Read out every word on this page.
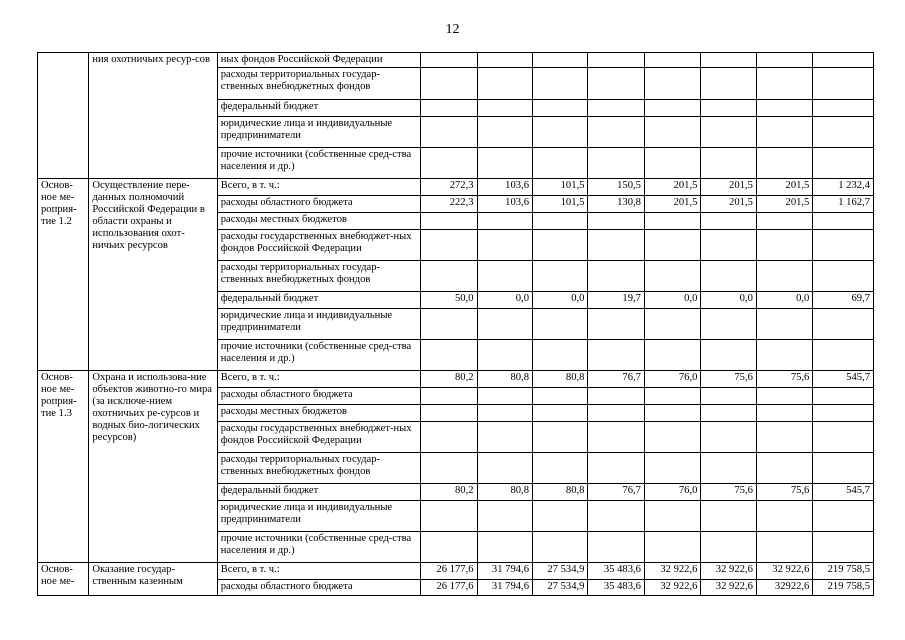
12
	ния охотничьих ресур-сов	ных фондов Российской Федерации								
		расходы территориальных государ-ственных внебюджетных фондов								
		федеральный бюджет								
		юридические лица и индивидуальные предприниматели								
		прочие источники (собственные сред-ства населения и др.)								
Основ-ное ме-роприя-тие 1.2	Осуществление пере-данных полномочий Российской Федерации в области охраны и использования охот-ничьих ресурсов	Всего, в т. ч.:	272,3	103,6	101,5	150,5	201,5	201,5	201,5	1 232,4
		расходы областного бюджета	222,3	103,6	101,5	130,8	201,5	201,5	201,5	1 162,7
		расходы местных бюджетов								
		расходы государственных внебюджет-ных фондов Российской Федерации								
		расходы территориальных государ-ственных внебюджетных фондов								
		федеральный бюджет	50,0	0,0	0,0	19,7	0,0	0,0	0,0	69,7
		юридические лица и индивидуальные предприниматели								
		прочие источники (собственные сред-ства населения и др.)								
Основ-ное ме-роприя-тие 1.3	Охрана и использова-ние объектов животно-го мира (за исключе-нием охотничьих ре-сурсов и водных био-логических ресурсов)	Всего, в т. ч.:	80,2	80,8	80,8	76,7	76,0	75,6	75,6	545,7
		расходы областного бюджета								
		расходы местных бюджетов								
		расходы государственных внебюджет-ных фондов Российской Федерации								
		расходы территориальных государ-ственных внебюджетных фондов								
		федеральный бюджет	80,2	80,8	80,8	76,7	76,0	75,6	75,6	545,7
		юридические лица и индивидуальные предприниматели								
		прочие источники (собственные сред-ства населения и др.)								
Основ-ное ме-	Оказание государ-ственным казенным	Всего, в т. ч.:	26 177,6	31 794,6	27 534,9	35 483,6	32 922,6	32 922,6	32 922,6	219 758,5
		расходы областного бюджета	26 177,6	31 794,6	27 534,9	35 483,6	32 922,6	32 922,6	32922,6	219 758,5
